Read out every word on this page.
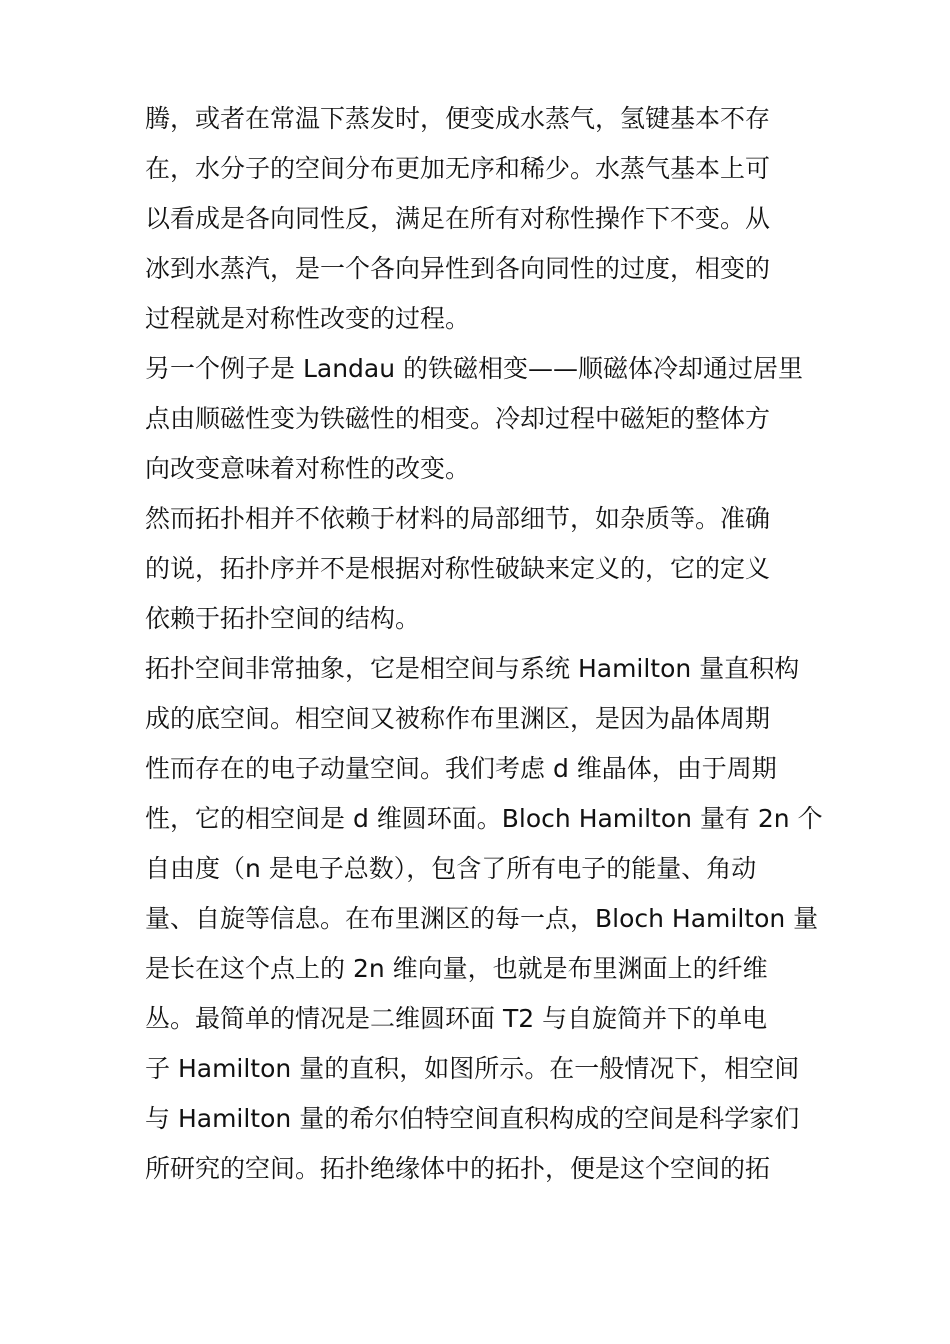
腾，或者在常温下蒸发时，便变成水蒸气，氢键基本不存
在，水分子的空间分布更加无序和稀少。水蒸气基本上可
以看成是各向同性反，满足在所有对称性操作下不变。从
冰到水蒸汽，是一个各向异性到各向同性的过度，相变的
过程就是对称性改变的过程。
另一个例子是 Landau 的铁磁相变——顺磁体冷却通过居里
点由顺磁性变为铁磁性的相变。冷却过程中磁矩的整体方
向改变意味着对称性的改变。
然而拓扑相并不依赖于材料的局部细节，如杂质等。准确
的说，拓扑序并不是根据对称性破缺来定义的，它的定义
依赖于拓扑空间的结构。
拓扑空间非常抽象，它是相空间与系统 Hamilton 量直积构
成的底空间。相空间又被称作布里渊区，是因为晶体周期
性而存在的电子动量空间。我们考虑 d 维晶体，由于周期
性，它的相空间是 d 维圆环面。Bloch Hamilton 量有 2n 个
自由度（n 是电子总数），包含了所有电子的能量、角动
量、自旋等信息。在布里渊区的每一点，Bloch Hamilton 量
是长在这个点上的 2n 维向量，也就是布里渊面上的纤维
丛。最简单的情况是二维圆环面 T2 与自旋简并下的单电
子 Hamilton 量的直积，如图所示。在一般情况下，相空间
与 Hamilton 量的希尔伯特空间直积构成的空间是科学家们
所研究的空间。拓扑绝缘体中的拓扑，便是这个空间的拓
